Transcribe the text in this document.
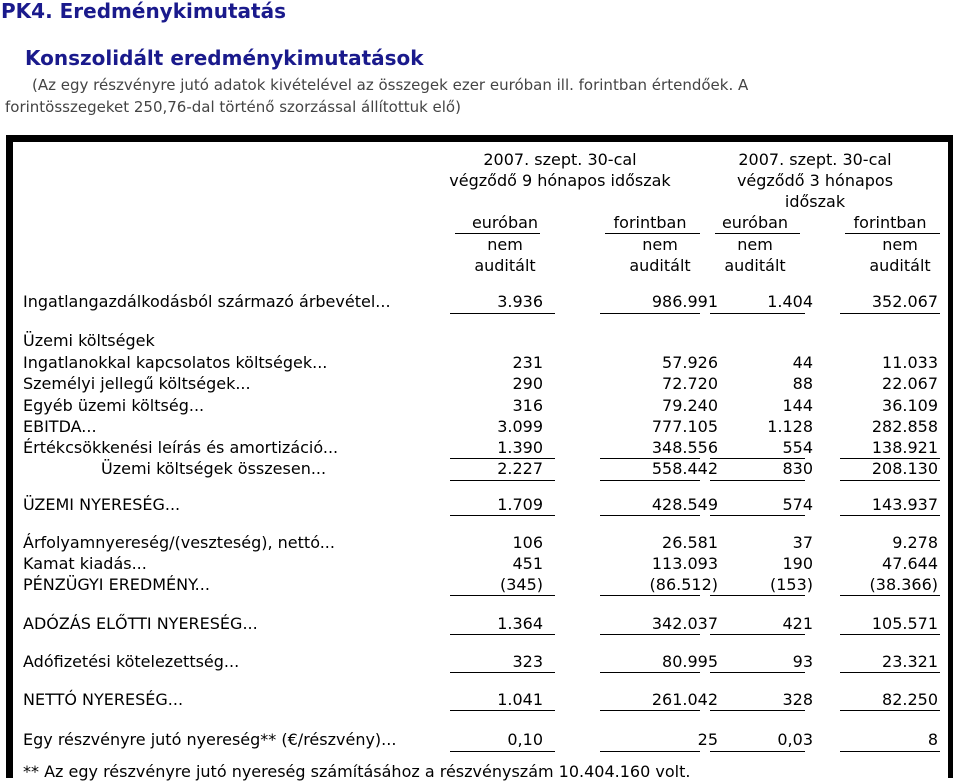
PK4. Eredménykimutatás
Konszolidált eredménykimutatások
(Az egy részvényre jutó adatok kivételével az összegek ezer euróban ill. forintban értendőek. A
forintösszegeket 250,76-dal történő szorzással állítottuk elő)
2007. szept. 30-cal
végződő 9 hónapos időszak
2007. szept. 30-cal
végződő 3 hónapos
időszak
euróban	forintban	euróban	forintban
nem
auditált
nem
auditált
nem
auditált
nem
auditált
Ingatlangazdálkodásból származó árbevétel...	3.936	986.991	1.404	352.067
Üzemi költségek
Ingatlanokkal kapcsolatos költségek...	231	57.926	44	11.033
Személyi jellegű költségek...	290	72.720	88	22.067
Egyéb üzemi költség...	316	79.240	144	36.109
EBITDA...	3.099	777.105	1.128	282.858
Értékcsökkenési leírás és amortizáció...	1.390	348.556	554	138.921
Üzemi költségek összesen...	2.227	558.442	830	208.130
ÜZEMI NYERESÉG...	1.709	428.549	574	143.937
Árfolyamnyereség/(veszteség), nettó...	106	26.581	37	9.278
Kamat kiadás...	451	113.093	190	47.644
PÉNZÜGYI EREDMÉNY...	(345)	(86.512)	(153)	(38.366)
ADÓZÁS ELŐTTI NYERESÉG...	1.364	342.037	421	105.571
Adófizetési kötelezettség...	323	80.995	93	23.321
NETTÓ NYERESÉG...	1.041	261.042	328	82.250
Egy részvényre jutó nyereség** (€/részvény)...	0,10	25	0,03	8
** Az egy részvényre jutó nyereség számításához a részvényszám 10.404.160 volt.
